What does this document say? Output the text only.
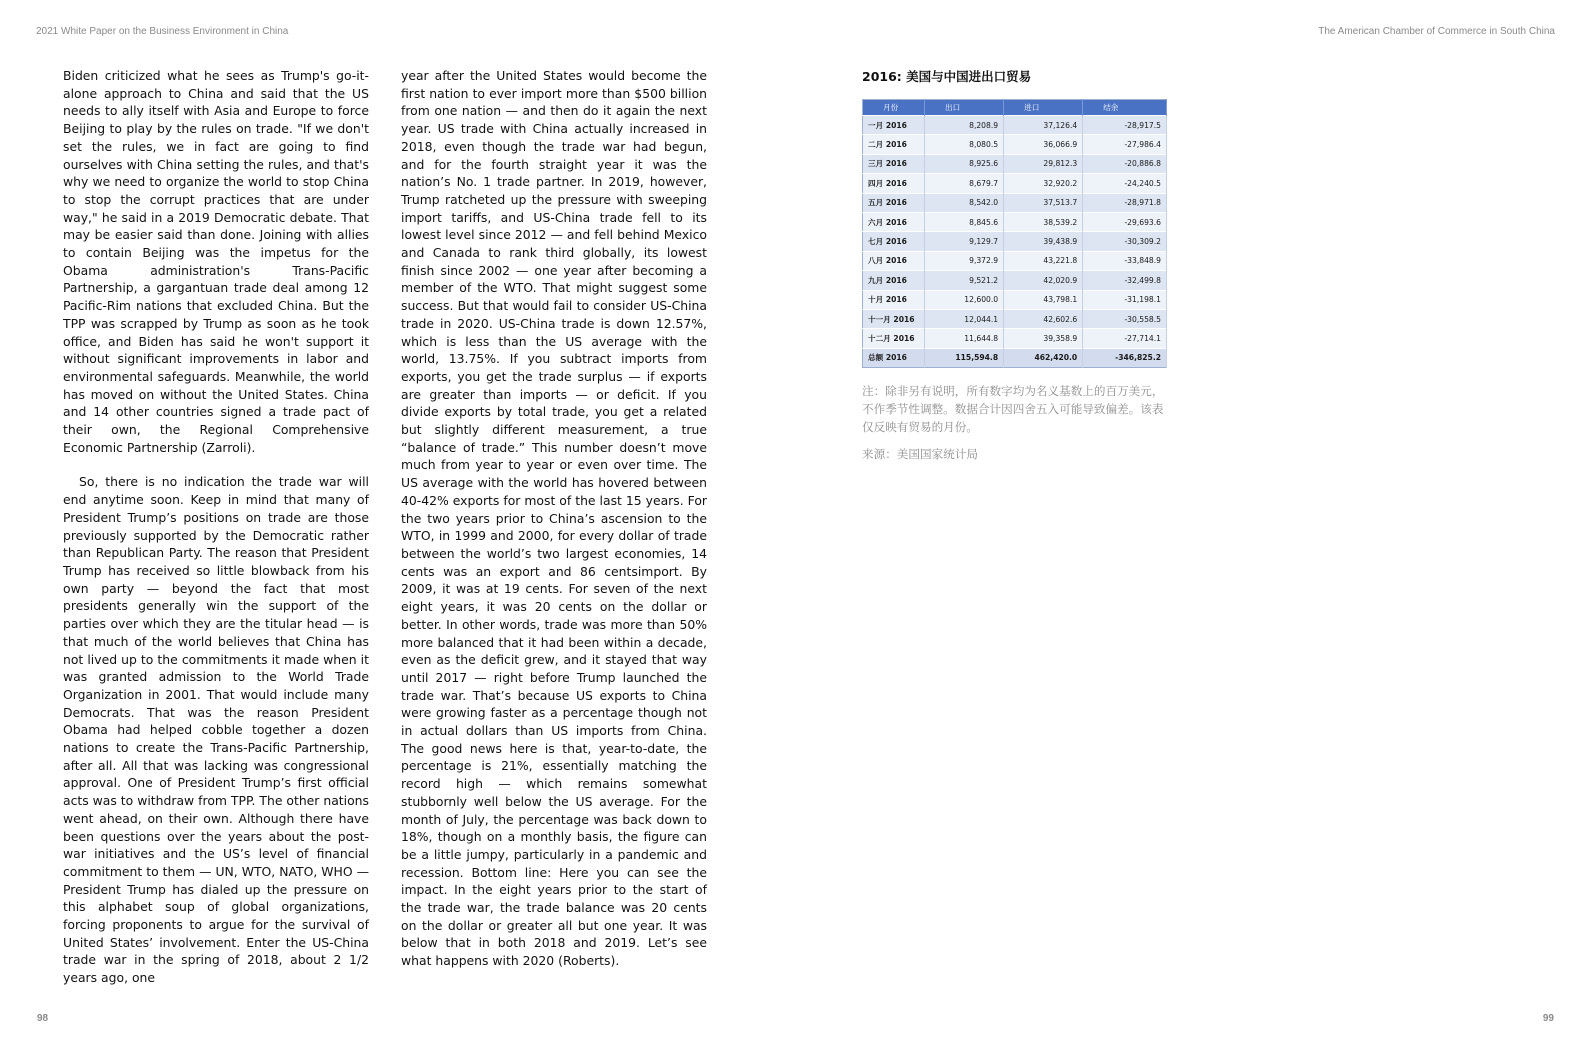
2021 White Paper on the Business Environment in China	The American Chamber of Commerce in South China

Biden criticized what he sees as Trump's go-it-alone approach to China and said that the US needs to ally itself with Asia and Europe to force Beijing to play by the rules on trade. "If we don't set the rules, we in fact are going to find ourselves with China setting the rules, and that's why we need to organize the world to stop China to stop the corrupt practices that are under way," he said in a 2019 Democratic debate. That may be easier said than done. Joining with allies to contain Beijing was the impetus for the Obama administration's Trans-Pacific Partnership, a gargantuan trade deal among 12 Pacific-Rim nations that excluded China. But the TPP was scrapped by Trump as soon as he took office, and Biden has said he won't support it without significant improvements in labor and environmental safeguards. Meanwhile, the world has moved on without the United States. China and 14 other countries signed a trade pact of their own, the Regional Comprehensive Economic Partnership (Zarroli).

So, there is no indication the trade war will end anytime soon. Keep in mind that many of President Trump’s positions on trade are those previously supported by the Democratic rather than Republican Party. The reason that President Trump has received so little blowback from his own party — beyond the fact that most presidents generally win the support of the parties over which they are the titular head — is that much of the world believes that China has not lived up to the commitments it made when it was granted admission to the World Trade Organization in 2001. That would include many Democrats. That was the reason President Obama had helped cobble together a dozen nations to create the Trans-Pacific Partnership, after all. All that was lacking was congressional approval. One of President Trump’s first official acts was to withdraw from TPP. The other nations went ahead, on their own. Although there have been questions over the years about the post-war initiatives and the US’s level of financial commitment to them — UN, WTO, NATO, WHO — President Trump has dialed up the pressure on this alphabet soup of global organizations, forcing proponents to argue for the survival of United States’ involvement. Enter the US-China trade war in the spring of 2018, about 2 1/2 years ago, one

year after the United States would become the first nation to ever import more than $500 billion from one nation — and then do it again the next year. US trade with China actually increased in 2018, even though the trade war had begun, and for the fourth straight year it was the nation’s No. 1 trade partner. In 2019, however, Trump ratcheted up the pressure with sweeping import tariffs, and US-China trade fell to its lowest level since 2012 — and fell behind Mexico and Canada to rank third globally, its lowest finish since 2002 — one year after becoming a member of the WTO. That might suggest some success. But that would fail to consider US-China trade in 2020. US-China trade is down 12.57%, which is less than the US average with the world, 13.75%. If you subtract imports from exports, you get the trade surplus — if exports are greater than imports — or deficit. If you divide exports by total trade, you get a related but slightly different measurement, a true “balance of trade.” This number doesn’t move much from year to year or even over time. The US average with the world has hovered between 40-42% exports for most of the last 15 years. For the two years prior to China’s ascension to the WTO, in 1999 and 2000, for every dollar of trade between the world’s two largest economies, 14 cents was an export and 86 centsimport. By 2009, it was at 19 cents. For seven of the next eight years, it was 20 cents on the dollar or better. In other words, trade was more than 50% more balanced that it had been within a decade, even as the deficit grew, and it stayed that way until 2017 — right before Trump launched the trade war. That’s because US exports to China were growing faster as a percentage though not in actual dollars than US imports from China. The good news here is that, year-to-date, the percentage is 21%, essentially matching the record high — which remains somewhat stubbornly well below the US average. For the month of July, the percentage was back down to 18%, though on a monthly basis, the figure can be a little jumpy, particularly in a pandemic and recession. Bottom line: Here you can see the impact. In the eight years prior to the start of the trade war, the trade balance was 20 cents on the dollar or greater all but one year. It was below that in both 2018 and 2019. Let’s see what happens with 2020 (Roberts).

2016: 美国与中国进出口贸易
月份	出口	进口	结余
一月 2016	8,208.9	37,126.4	-28,917.5
二月 2016	8,080.5	36,066.9	-27,986.4
三月 2016	8,925.6	29,812.3	-20,886.8
四月 2016	8,679.7	32,920.2	-24,240.5
五月 2016	8,542.0	37,513.7	-28,971.8
六月 2016	8,845.6	38,539.2	-29,693.6
七月 2016	9,129.7	39,438.9	-30,309.2
八月 2016	9,372.9	43,221.8	-33,848.9
九月 2016	9,521.2	42,020.9	-32,499.8
十月 2016	12,600.0	43,798.1	-31,198.1
十一月 2016	12,044.1	42,602.6	-30,558.5
十二月 2016	11,644.8	39,358.9	-27,714.1
总额 2016	115,594.8	462,420.0	-346,825.2
注：除非另有说明，所有数字均为名义基数上的百万美元，不作季节性调整。数据合计因四舍五入可能导致偏差。该表仅反映有贸易的月份。
来源：美国国家统计局
98	99
